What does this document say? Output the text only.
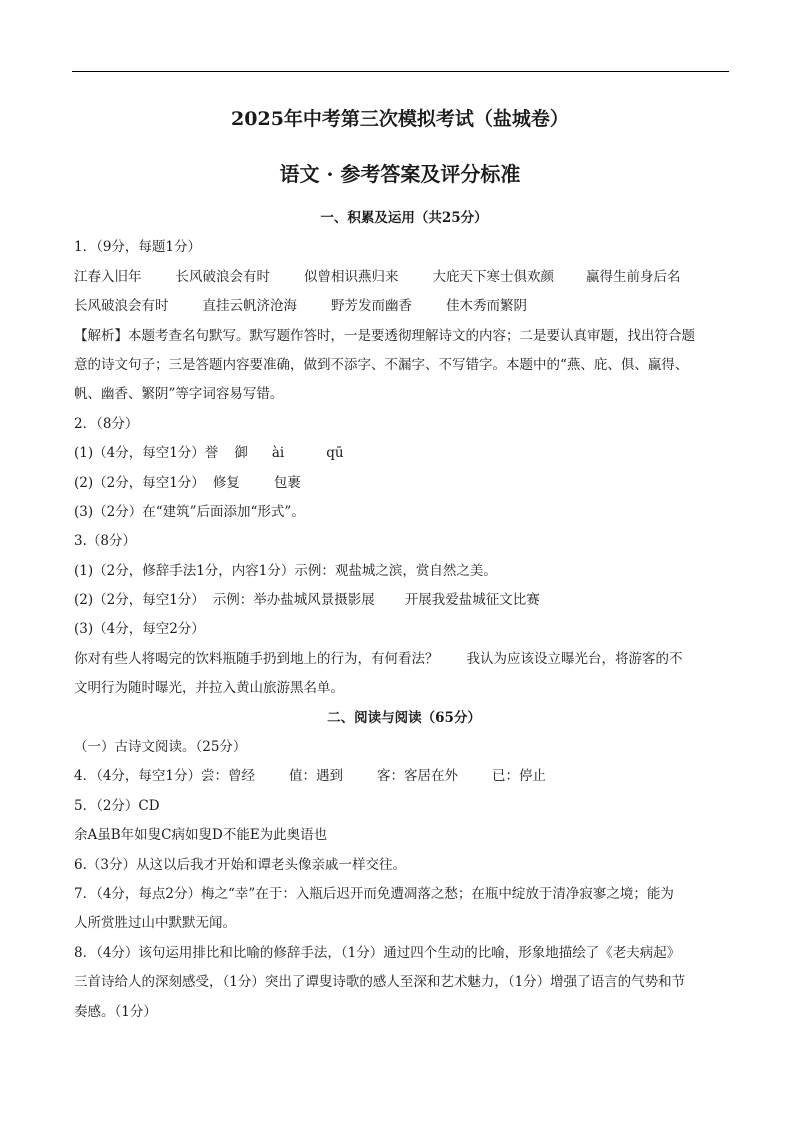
2025年中考第三次模拟考试（盐城卷）
语文 · 参考答案及评分标准
一、积累及运用（共25分）
1．（9分，每题1分）
江春入旧年	长风破浪会有时	似曾相识燕归来	大庇天下寒士俱欢颜 赢得生前身后名
长风破浪会有时	直挂云帆济沧海	野芳发而幽香	佳木秀而繁阴
【解析】本题考查名句默写。默写题作答时，一是要透彻理解诗文的内容；二是要认真审题，找出符合题
意的诗文句子；三是答题内容要准确，做到不添字、不漏字、不写错字。本题中的“燕、庇、俱、赢得、
帆、幽香、繁阴”等字词容易写错。
2．（8分）
(1)（4分，每空1分）誉 御 ài	qū
(2)（2分，每空1分） 修复	包裹
(3)（2分）在“建筑”后面添加“形式”。
3.（8分）
(1)（2分，修辞手法1分，内容1分）示例：观盐城之滨，赏自然之美。
(2)（2分，每空1分） 示例：举办盐城风景摄影展 开展我爱盐城征文比赛
(3)（4分，每空2分）
你对有些人将喝完的饮料瓶随手扔到地上的行为，有何看法？ 我认为应该设立曝光台，将游客的不
文明行为随时曝光，并拉入黄山旅游黑名单。
二、阅读与阅读（65分）
（一）古诗文阅读。（25分）
4．（4分，每空1分）尝：曾经	值：遇到	客：客居在外	已：停止
5．（2分）CD
余A虽B年如叟C病如叟D不能E为此奥语也
6.（3分）从这以后我才开始和谭老头像亲戚一样交往。
7．（4分，每点2分）梅之“幸”在于：入瓶后迟开而免遭凋落之愁；在瓶中绽放于清净寂寥之境；能为
人所赏胜过山中默默无闻。
8．（4分）该句运用排比和比喻的修辞手法，（1分）通过四个生动的比喻，形象地描绘了《老夫病起》
三首诗给人的深刻感受，（1分）突出了谭叟诗歌的感人至深和艺术魅力，（1分）增强了语言的气势和节
奏感。（1分）
